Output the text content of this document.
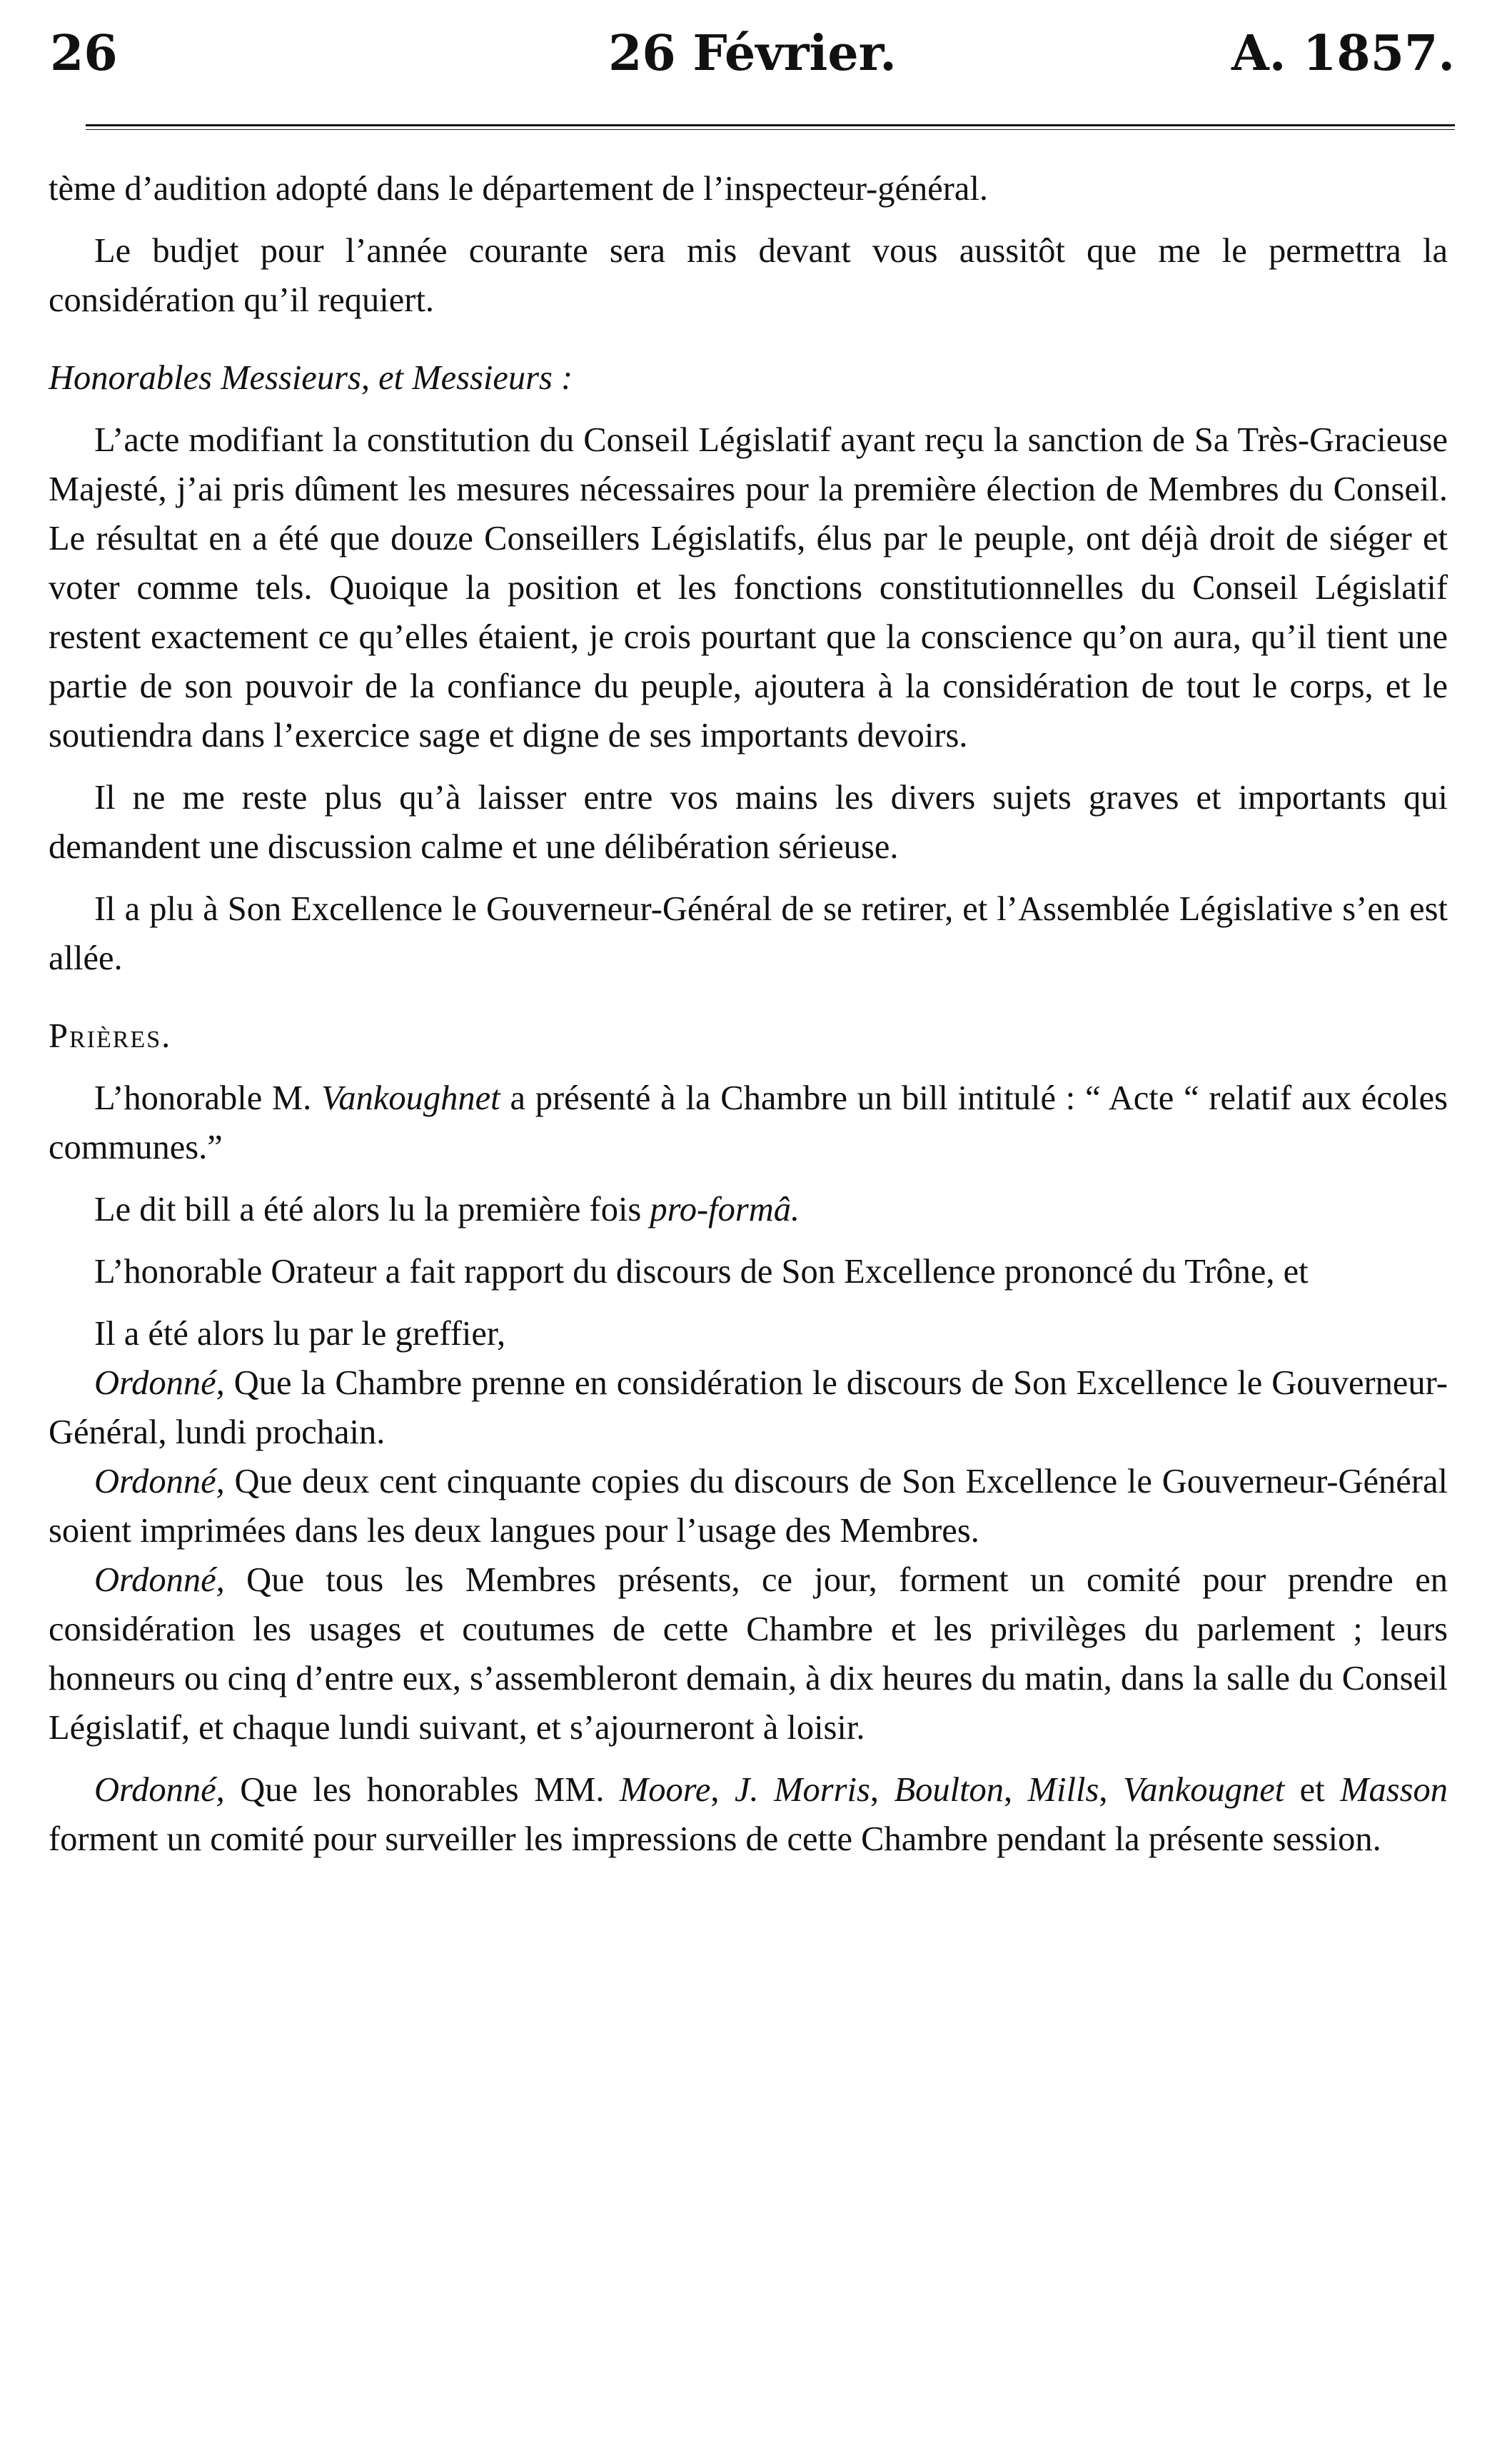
26	26 Février.	A. 1857.

tème d’audition adopté dans le département de l’inspecteur-général.

Le budjet pour l’année courante sera mis devant vous aussitôt que me le permettra la considération qu’il requiert.

Honorables Messieurs, et Messieurs :

L’acte modifiant la constitution du Conseil Législatif ayant reçu la sanction de Sa Très-Gracieuse Majesté, j’ai pris dûment les mesures nécessaires pour la première élection de Membres du Conseil. Le résultat en a été que douze Conseillers Législatifs, élus par le peuple, ont déjà droit de siéger et voter comme tels. Quoique la position et les fonctions constitutionnelles du Conseil Législatif restent exactement ce qu’elles étaient, je crois pourtant que la conscience qu’on aura, qu’il tient une partie de son pouvoir de la confiance du peuple, ajoutera à la considération de tout le corps, et le soutiendra dans l’exercice sage et digne de ses importants devoirs.

Il ne me reste plus qu’à laisser entre vos mains les divers sujets graves et importants qui demandent une discussion calme et une délibération sérieuse.

Il a plu à Son Excellence le Gouverneur-Général de se retirer, et l’Assemblée Législative s’en est allée.

Prières.

L’honorable M. Vankoughnet a présenté à la Chambre un bill intitulé : “ Acte “ relatif aux écoles communes.”

Le dit bill a été alors lu la première fois pro-formâ.

L’honorable Orateur a fait rapport du discours de Son Excellence prononcé du Trône, et

Il a été alors lu par le greffier,

Ordonné, Que la Chambre prenne en considération le discours de Son Excellence le Gouverneur-Général, lundi prochain.

Ordonné, Que deux cent cinquante copies du discours de Son Excellence le Gouverneur-Général soient imprimées dans les deux langues pour l’usage des Membres.

Ordonné, Que tous les Membres présents, ce jour, forment un comité pour prendre en considération les usages et coutumes de cette Chambre et les privilèges du parlement ; leurs honneurs ou cinq d’entre eux, s’assembleront demain, à dix heures du matin, dans la salle du Conseil Législatif, et chaque lundi suivant, et s’ajourneront à loisir.

Ordonné, Que les honorables MM. Moore, J. Morris, Boulton, Mills, Vankougnet et Masson forment un comité pour surveiller les impressions de cette Chambre pendant la présente session.
